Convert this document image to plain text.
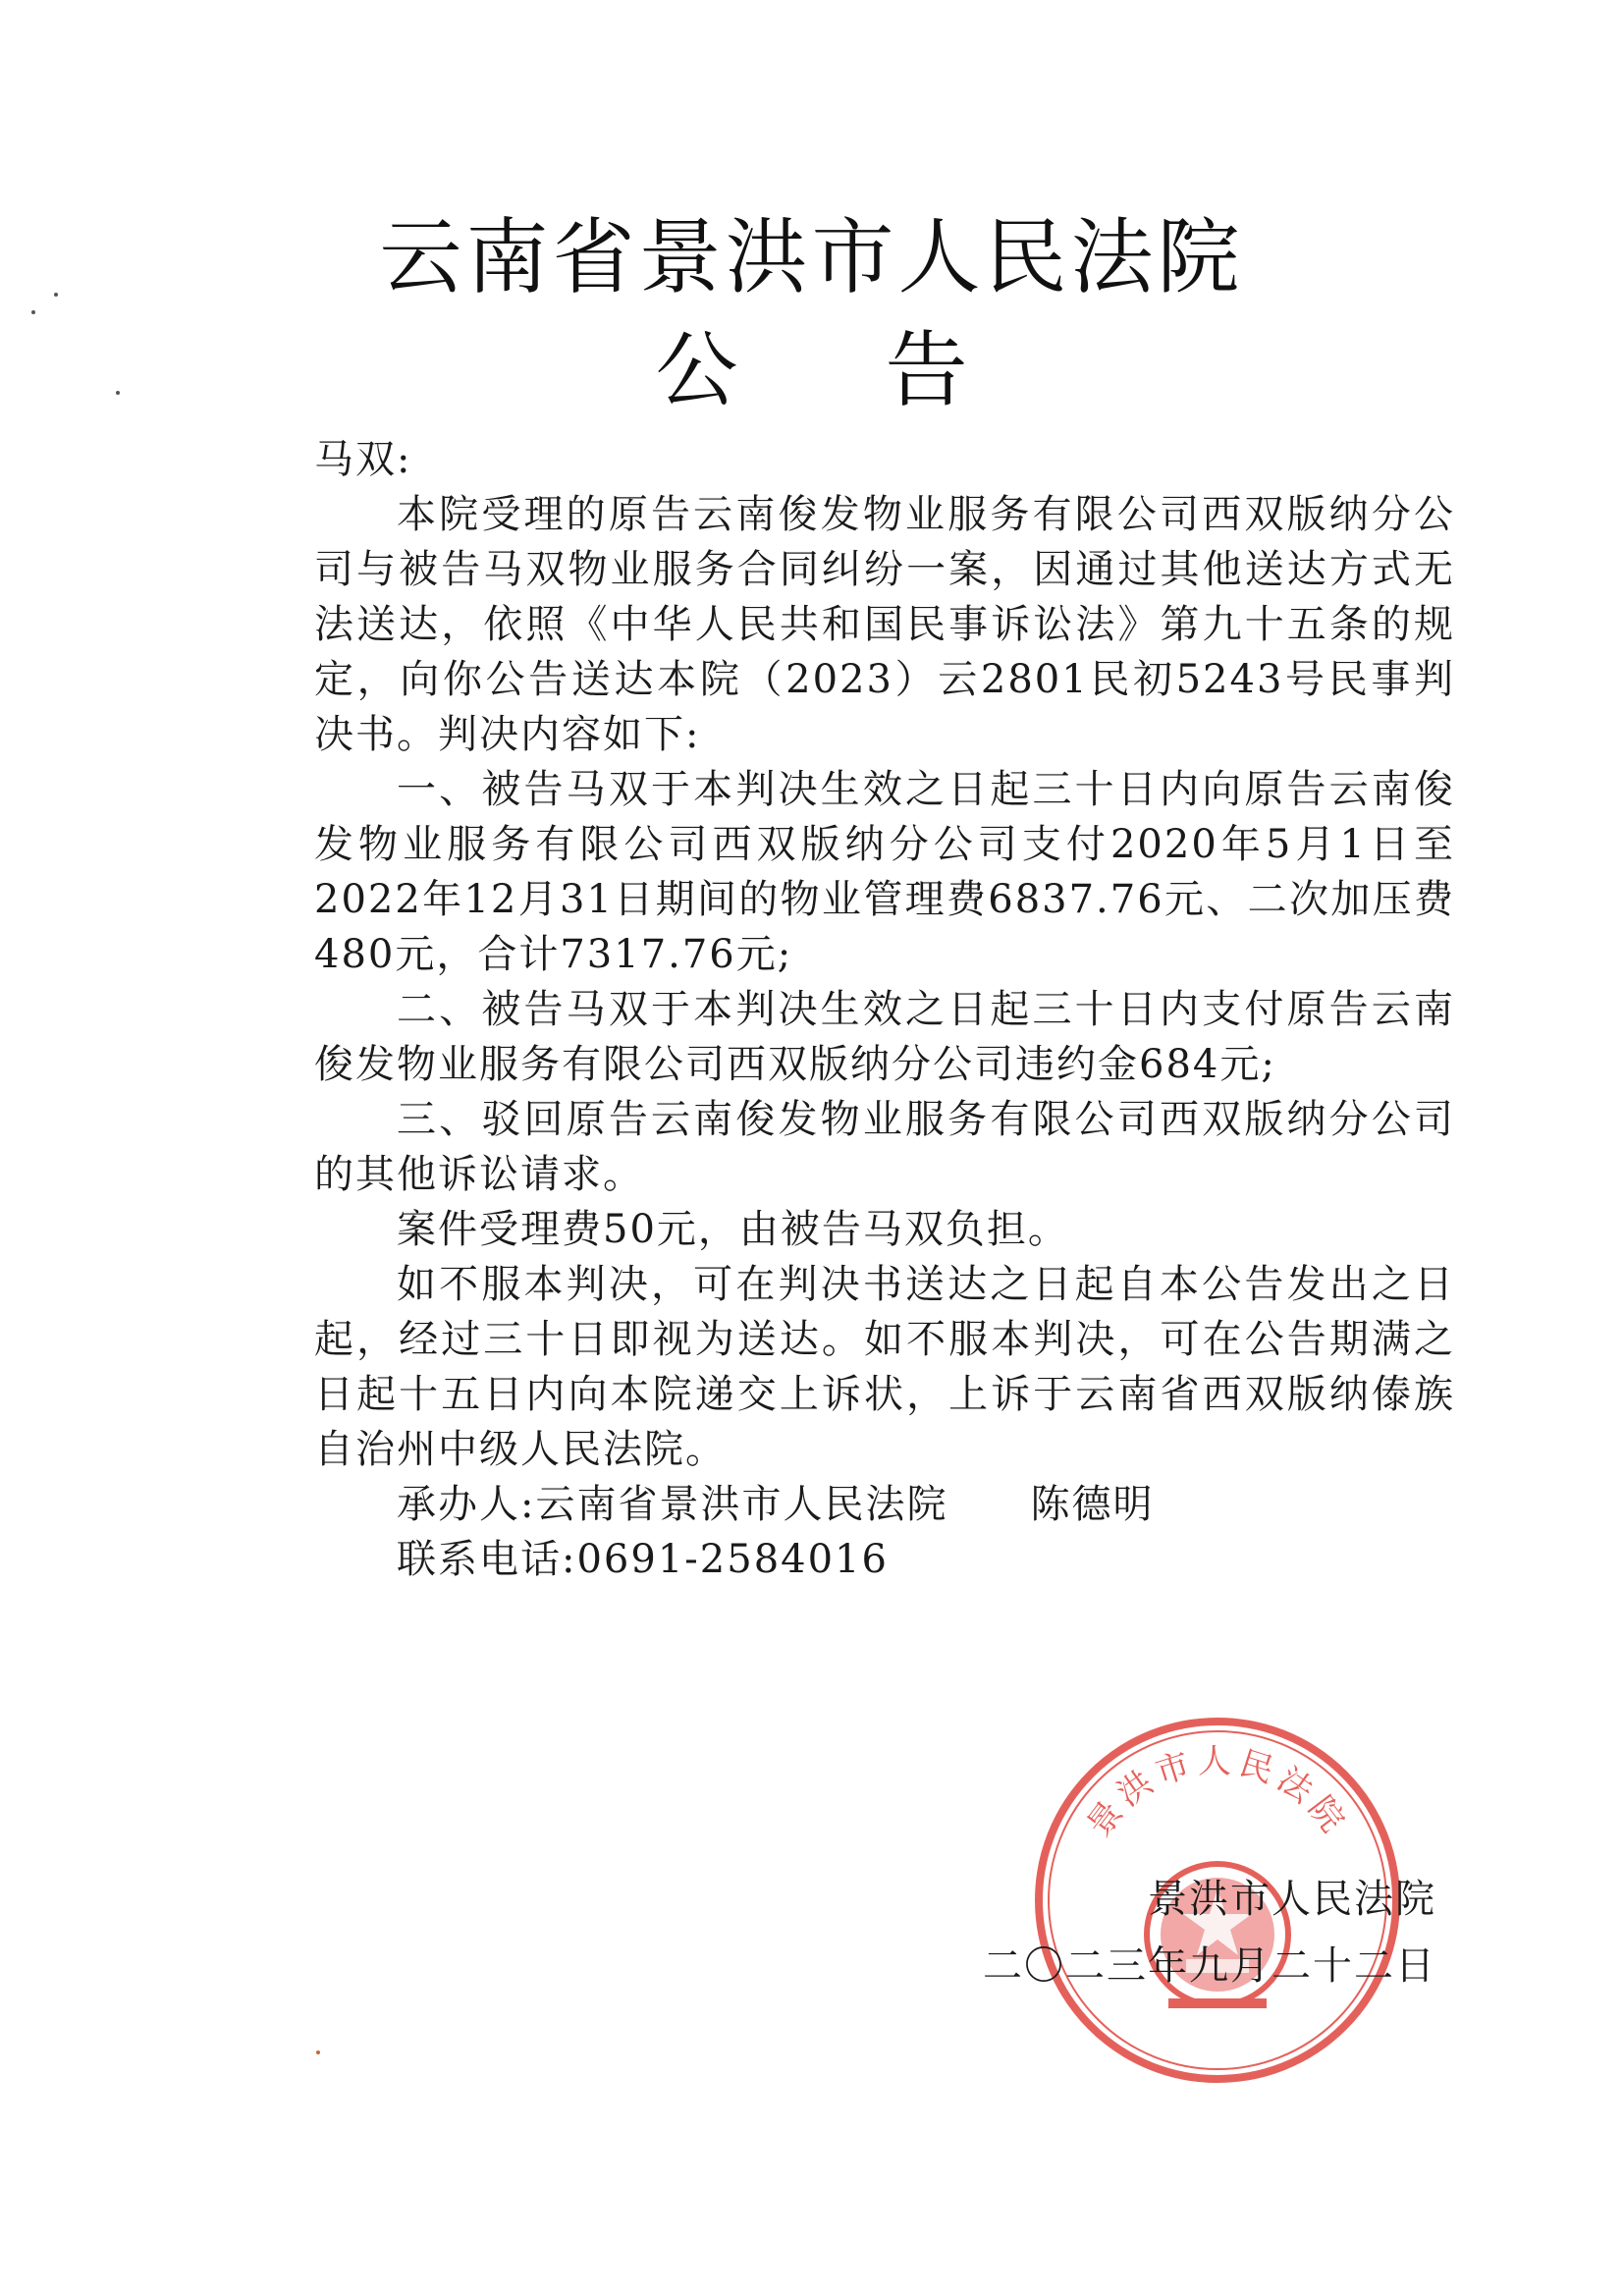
云南省景洪市人民法院
公告

马双:

本院受理的原告云南俊发物业服务有限公司西双版纳分公司与被告马双物业服务合同纠纷一案，因通过其他送达方式无法送达，依照《中华人民共和国民事诉讼法》第九十五条的规定，向你公告送达本院（2023）云2801民初5243号民事判决书。判决内容如下:

一、被告马双于本判决生效之日起三十日内向原告云南俊发物业服务有限公司西双版纳分公司支付2020年5月1日至2022年12月31日期间的物业管理费6837.76元、二次加压费480元，合计7317.76元;

二、被告马双于本判决生效之日起三十日内支付原告云南俊发物业服务有限公司西双版纳分公司违约金684元;

三、驳回原告云南俊发物业服务有限公司西双版纳分公司的其他诉讼请求。

案件受理费50元，由被告马双负担。

如不服本判决，可在判决书送达之日起自本公告发出之日起，经过三十日即视为送达。如不服本判决，可在公告期满之日起十五日内向本院递交上诉状，上诉于云南省西双版纳傣族自治州中级人民法院。

承办人:云南省景洪市人民法院 陈德明

联系电话:0691-2584016

景洪市人民法院
景洪市人民法院
二〇二三年九月二十二日
